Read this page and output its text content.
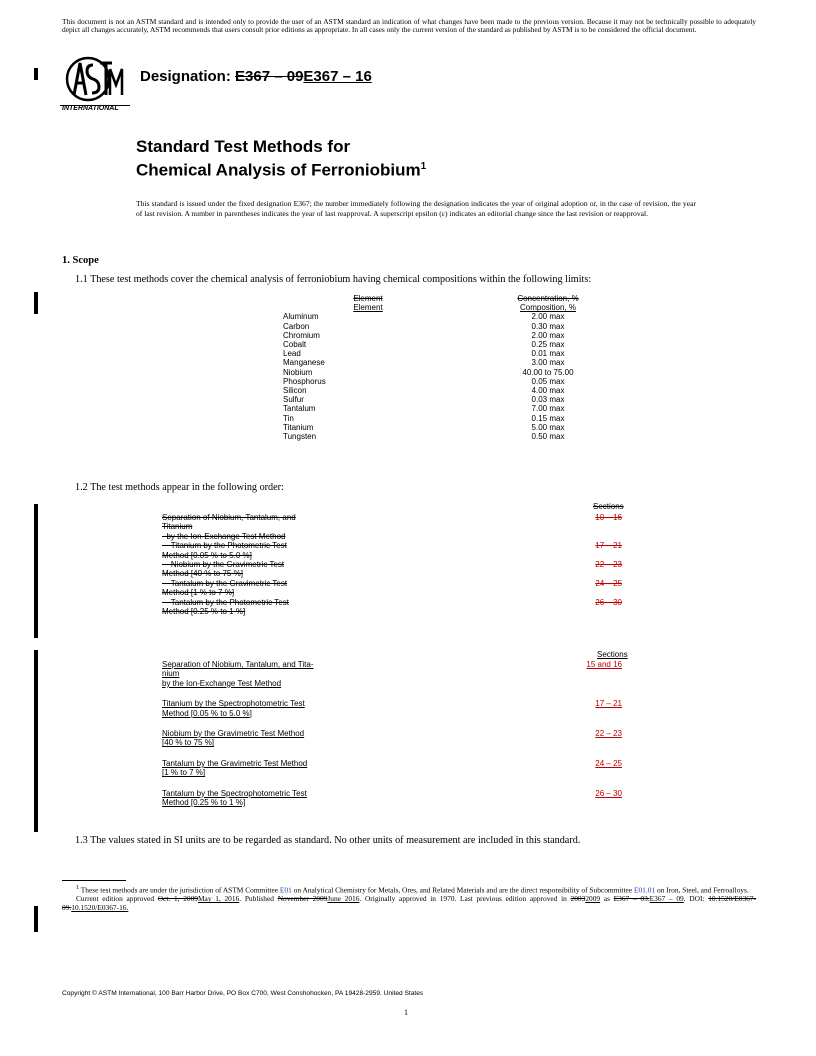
This document is not an ASTM standard and is intended only to provide the user of an ASTM standard an indication of what changes have been made to the previous version. Because it may not be technically possible to adequately depict all changes accurately, ASTM recommends that users consult prior editions as appropriate. In all cases only the current version of the standard as published by ASTM is to be considered the official document.
INTERNATIONAL
Designation: E367 – 09E367 – 16
Standard Test Methods for
Chemical Analysis of Ferroniobium$^1$
This standard is issued under the fixed designation E367; the number immediately following the designation indicates the year of original adoption or, in the case of revision, the year of last revision. A number in parentheses indicates the year of last reapproval. A superscript epsilon (ε) indicates an editorial change since the last revision or reapproval.
1. Scope
1.1 These test methods cover the chemical analysis of ferroniobium having chemical compositions within the following limits:
Element	Concentration, %
Element	Composition, %
Aluminum	2.00 max
Carbon	0.30 max
Chromium	2.00 max
Cobalt	0.25 max
Lead	0.01 max
Manganese	3.00 max
Niobium	40.00 to 75.00
Phosphorus	0.05 max
Silicon	4.00 max
Sulfur	0.03 max
Tantalum	7.00 max
Tin	0.15 max
Titanium	5.00 max
Tungsten	0.50 max
1.2 The test methods appear in the following order:
Sections
Separation of Niobium, Tantalum, and
Titanium
by the Ion-Exchange Test Method
10 – 16
Titanium by the Photometric Test
Method [0.05 % to 5.0 %]
17 – 21
Niobium by the Gravimetric Test
Method [40 % to 75 %]
22 – 23
Tantalum by the Gravimetric Test
Method [1 % to 7 %]
24 – 25
Tantalum by the Photometric Test
Method [0.25 % to 1 %]
26 – 30
Sections
Separation of Niobium, Tantalum, and Tita-
nium
by the Ion-Exchange Test Method
15 and 16
Titanium by the Spectrophotometric Test
Method [0.05 % to 5.0 %]
17 – 21
Niobium by the Gravimetric Test Method
[40 % to 75 %]
22 – 23
Tantalum by the Gravimetric Test Method
[1 % to 7 %]
24 – 25
Tantalum by the Spectrophotometric Test
Method [0.25 % to 1 %]
26 – 30
1.3 The values stated in SI units are to be regarded as standard. No other units of measurement are included in this standard.
$^1$ These test methods are under the jurisdiction of ASTM Committee E01 on Analytical Chemistry for Metals, Ores, and Related Materials and are the direct responsibility of Subcommittee E01.01 on Iron, Steel, and Ferroalloys.
Current edition approved Oct. 1, 2009May 1, 2016. Published November 2009June 2016. Originally approved in 1970. Last previous edition approved in 20032009 as E367 – 03.E367 – 09. DOI: 10.1520/E0367-09.10.1520/E0367-16.
Copyright © ASTM International, 100 Barr Harbor Drive, PO Box C700, West Conshohocken, PA 19428-2959. United States
1
